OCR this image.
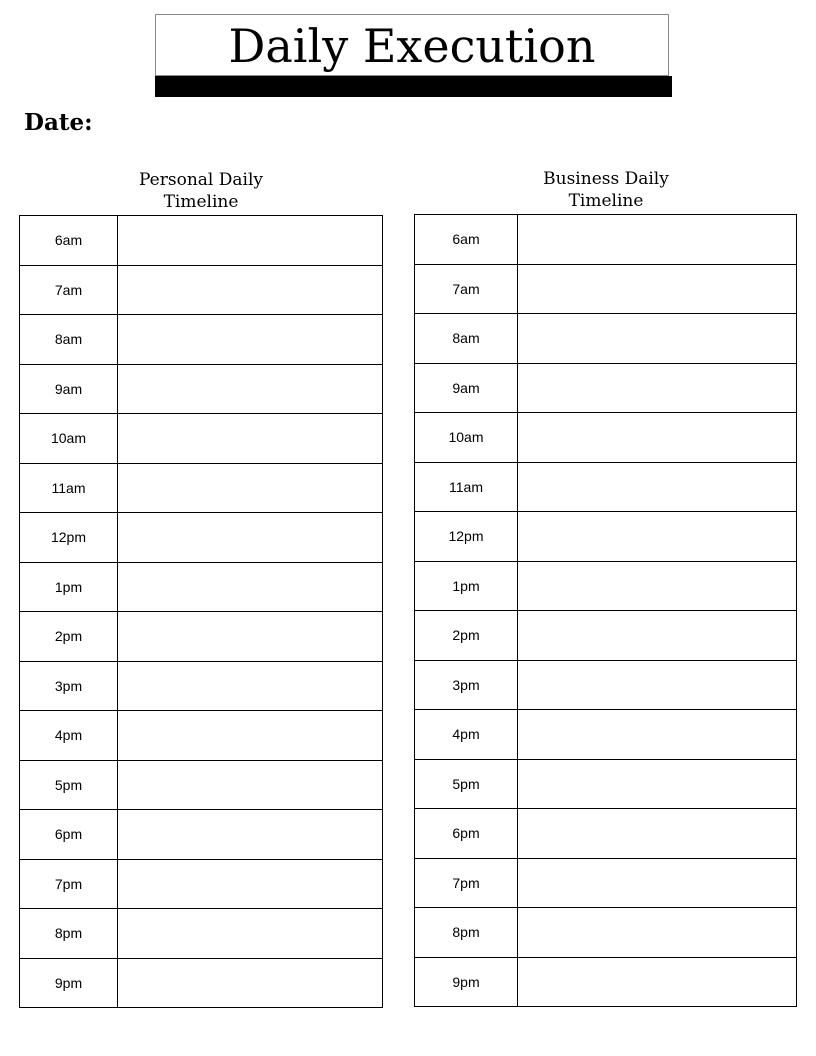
Daily Execution
Date:
Personal Daily
Timeline
Business Daily
Timeline
6am	
7am	
8am	
9am	
10am	
11am	
12pm	
1pm	
2pm	
3pm	
4pm	
5pm	
6pm	
7pm	
8pm	
9pm	
6am	
7am	
8am	
9am	
10am	
11am	
12pm	
1pm	
2pm	
3pm	
4pm	
5pm	
6pm	
7pm	
8pm	
9pm	
